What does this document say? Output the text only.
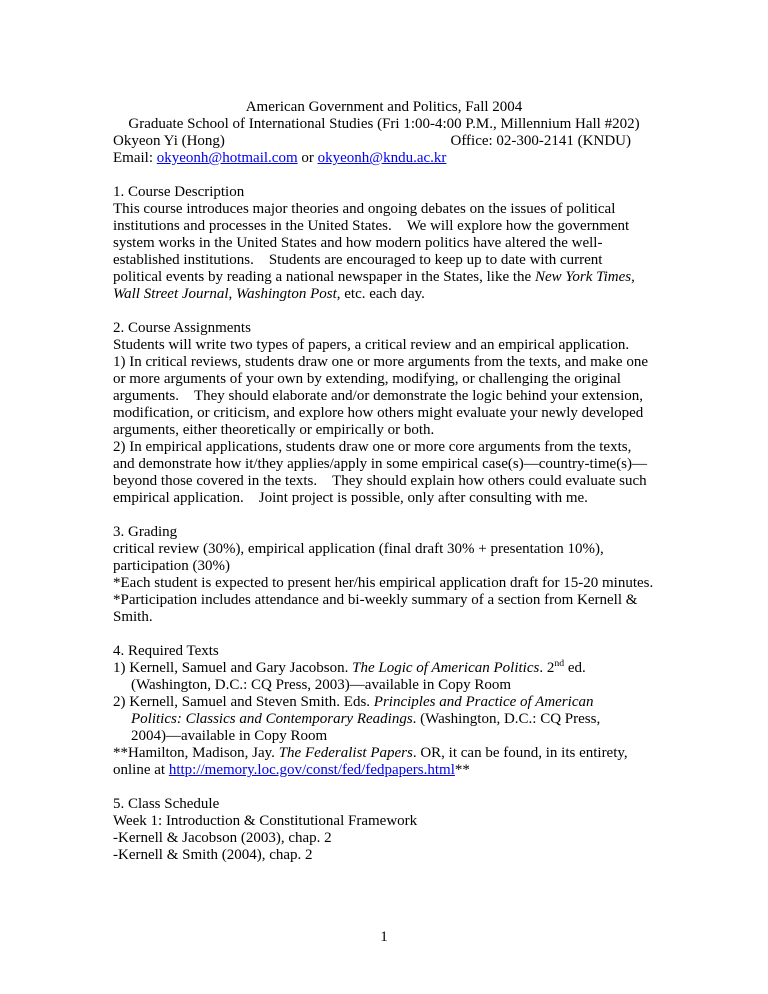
American Government and Politics, Fall 2004
Graduate School of International Studies (Fri 1:00-4:00 P.M., Millennium Hall #202)
Okyeon Yi (Hong)	Office: 02-300-2141 (KNDU)
Email: okyeonh@hotmail.com or okyeonh@kndu.ac.kr
1. Course Description
This course introduces major theories and ongoing debates on the issues of political institutions and processes in the United States.　We will explore how the government system works in the United States and how modern politics have altered the well-established institutions.　Students are encouraged to keep up to date with current political events by reading a national newspaper in the States, like the New York Times, Wall Street Journal, Washington Post, etc. each day.
2. Course Assignments
Students will write two types of papers, a critical review and an empirical application.
1) In critical reviews, students draw one or more arguments from the texts, and make one or more arguments of your own by extending, modifying, or challenging the original arguments.　They should elaborate and/or demonstrate the logic behind your extension, modification, or criticism, and explore how others might evaluate your newly developed arguments, either theoretically or empirically or both.
2) In empirical applications, students draw one or more core arguments from the texts, and demonstrate how it/they applies/apply in some empirical case(s)—country-time(s)—beyond those covered in the texts.　They should explain how others could evaluate such empirical application.　Joint project is possible, only after consulting with me.
3. Grading
critical review (30%), empirical application (final draft 30% + presentation 10%), participation (30%)
*Each student is expected to present her/his empirical application draft for 15-20 minutes.
*Participation includes attendance and bi-weekly summary of a section from Kernell & Smith.
4. Required Texts
1) Kernell, Samuel and Gary Jacobson. The Logic of American Politics. 2nd ed.
(Washington, D.C.: CQ Press, 2003)—available in Copy Room
2) Kernell, Samuel and Steven Smith. Eds. Principles and Practice of American
Politics: Classics and Contemporary Readings. (Washington, D.C.: CQ Press,
2004)—available in Copy Room
**Hamilton, Madison, Jay. The Federalist Papers. OR, it can be found, in its entirety, online at http://memory.loc.gov/const/fed/fedpapers.html**
5. Class Schedule
Week 1: Introduction & Constitutional Framework
-Kernell & Jacobson (2003), chap. 2
-Kernell & Smith (2004), chap. 2
1
